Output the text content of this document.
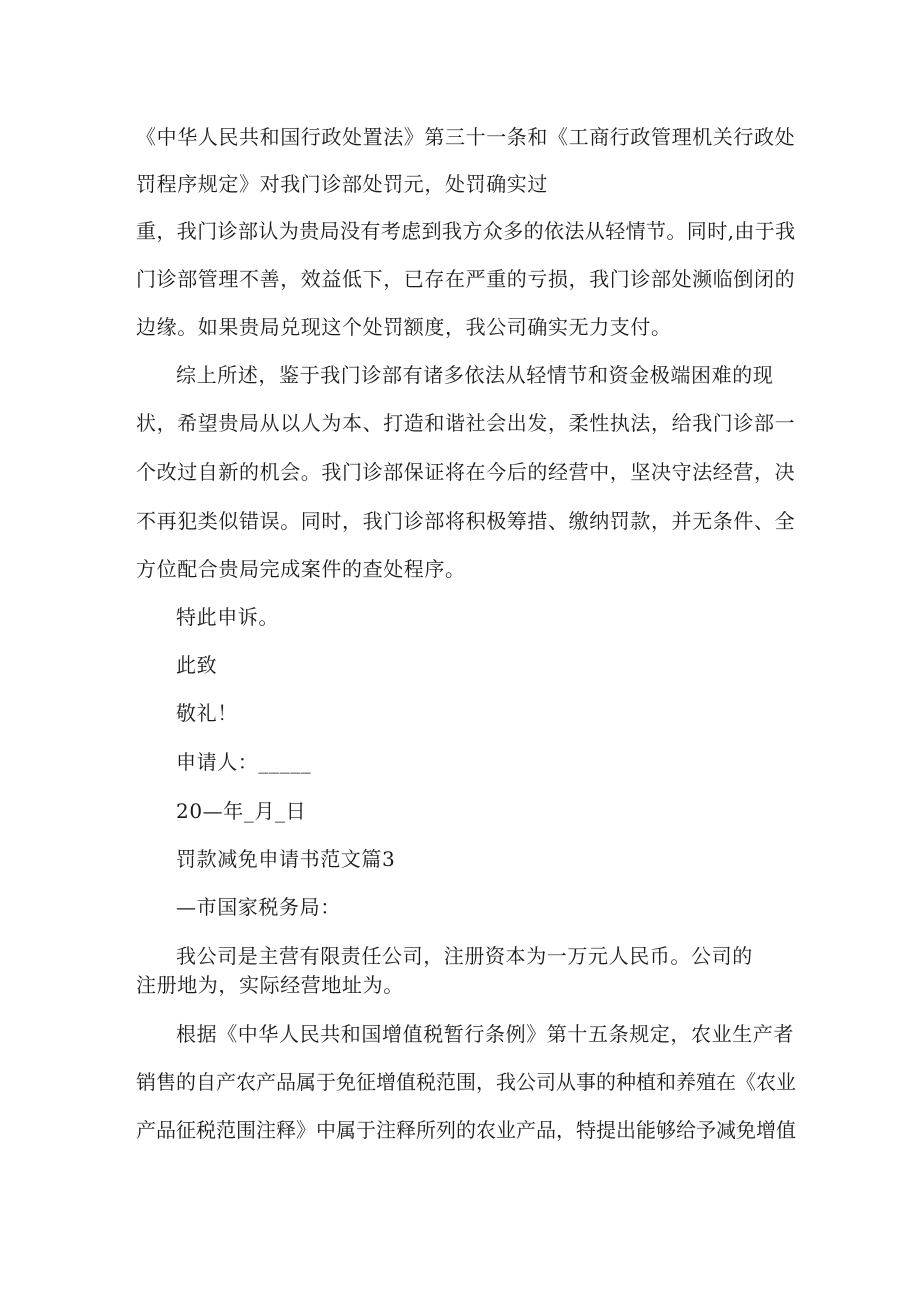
《中华人民共和国行政处置法》第三十一条和《工商行政管理机关行政处
罚程序规定》对我门诊部处罚元，处罚确实过
重，我门诊部认为贵局没有考虑到我方众多的依法从轻情节。同时,由于我
门诊部管理不善，效益低下，已存在严重的亏损，我门诊部处濒临倒闭的
边缘。如果贵局兑现这个处罚额度，我公司确实无力支付。
综上所述，鉴于我门诊部有诸多依法从轻情节和资金极端困难的现
状，希望贵局从以人为本、打造和谐社会出发，柔性执法，给我门诊部一
个改过自新的机会。我门诊部保证将在今后的经营中，坚决守法经营，决
不再犯类似错误。同时，我门诊部将积极筹措、缴纳罚款，并无条件、全
方位配合贵局完成案件的查处程序。
特此申诉。
此致
敬礼！
申请人：_____
20—年_月_日
罚款减免申请书范文篇3
—市国家税务局：
我公司是主营有限责任公司，注册资本为一万元人民币。公司的
注册地为，实际经营地址为。
根据《中华人民共和国增值税暂行条例》第十五条规定，农业生产者
销售的自产农产品属于免征增值税范围，我公司从事的种植和养殖在《农业
产品征税范围注释》中属于注释所列的农业产品，特提出能够给予减免增值
